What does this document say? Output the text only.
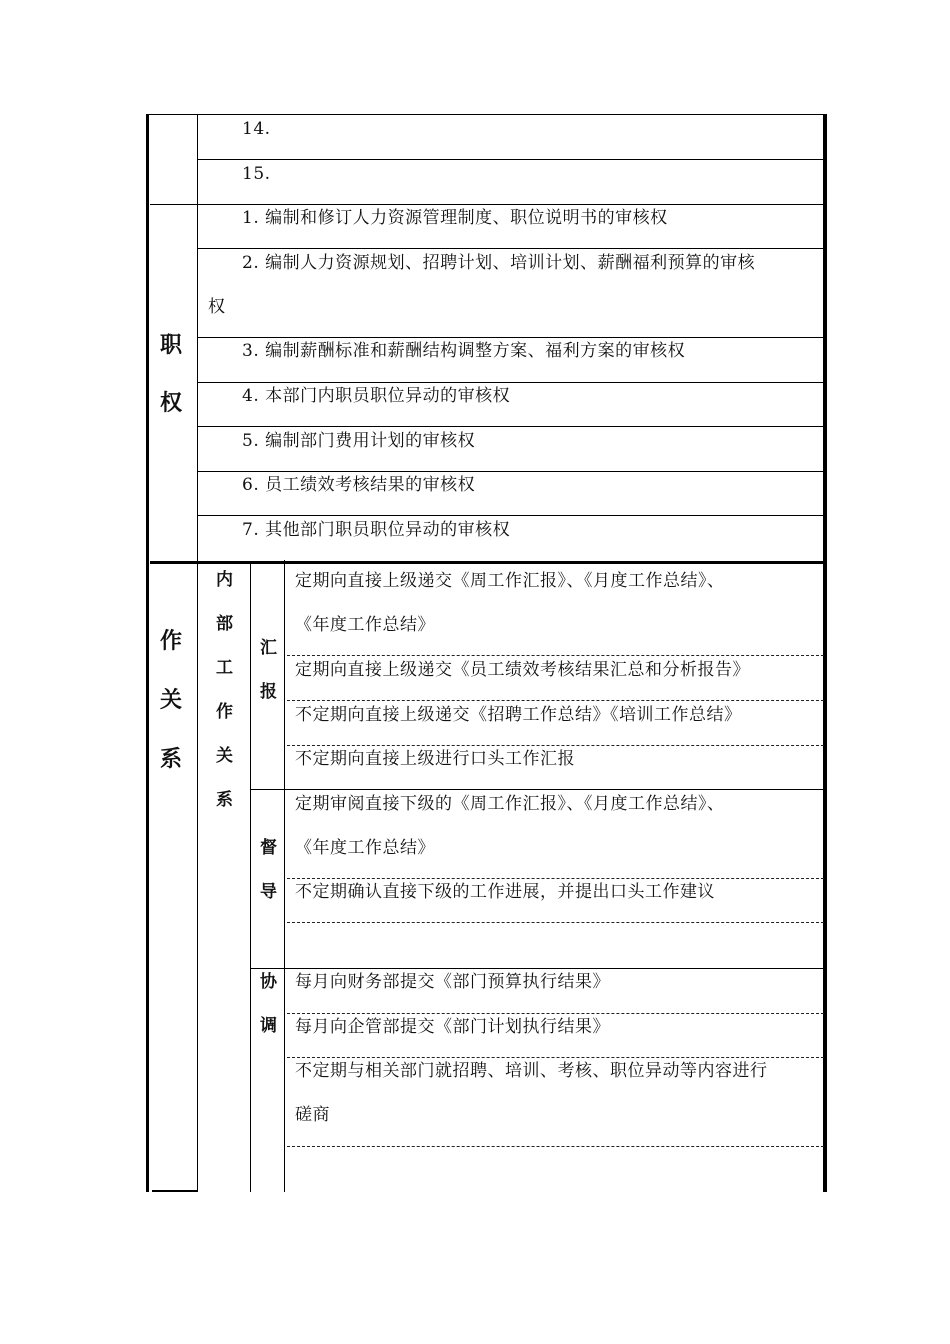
14.
15.
职
权
1. 编制和修订人力资源管理制度、职位说明书的审核权
2. 编制人力资源规划、招聘计划、培训计划、薪酬福利预算的审核
权
3. 编制薪酬标准和薪酬结构调整方案、福利方案的审核权
4. 本部门内职员职位异动的审核权
5. 编制部门费用计划的审核权
6. 员工绩效考核结果的审核权
7. 其他部门职员职位异动的审核权
作
关
系
内
部
工
作
关
系
汇
报
定期向直接上级递交《周工作汇报》、《月度工作总结》、
《年度工作总结》
定期向直接上级递交《员工绩效考核结果汇总和分析报告》
不定期向直接上级递交《招聘工作总结》《培训工作总结》
不定期向直接上级进行口头工作汇报
督
导
定期审阅直接下级的《周工作汇报》、《月度工作总结》、
《年度工作总结》
不定期确认直接下级的工作进展，并提出口头工作建议
协
调
每月向财务部提交《部门预算执行结果》
每月向企管部提交《部门计划执行结果》
不定期与相关部门就招聘、培训、考核、职位异动等内容进行
磋商
